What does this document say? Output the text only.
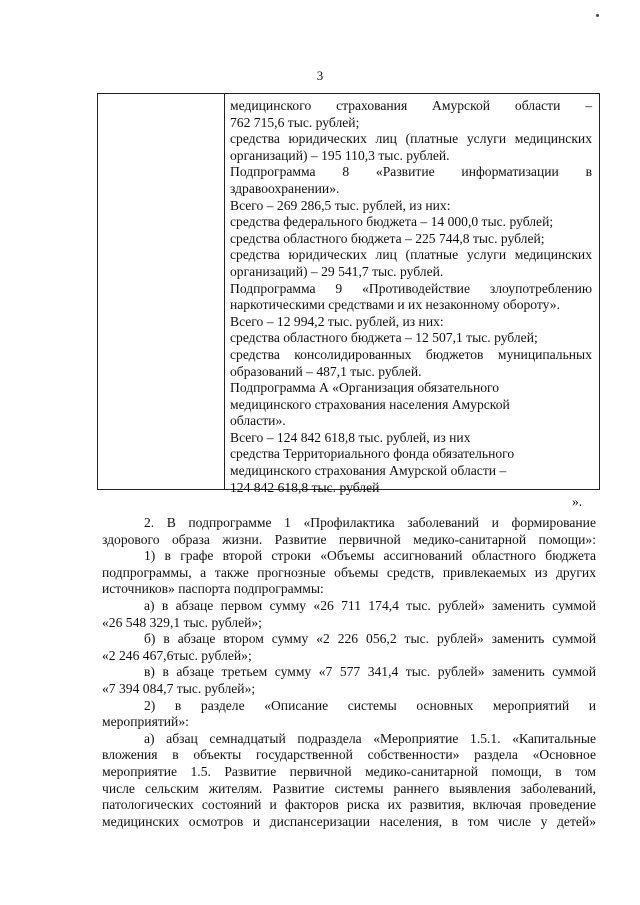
3
медицинского страхования Амурской области –
762 715,6 тыс. рублей;
средства юридических лиц (платные услуги медицинских
организаций) – 195 110,3 тыс. рублей.
Подпрограмма 8 «Развитие информатизации в
здравоохранении».
Всего – 269 286,5 тыс. рублей, из них:
средства федерального бюджета – 14 000,0 тыс. рублей;
средства областного бюджета – 225 744,8 тыс. рублей;
средства юридических лиц (платные услуги медицинских
организаций) – 29 541,7 тыс. рублей.
Подпрограмма 9 «Противодействие злоупотреблению
наркотическими средствами и их незаконному обороту».
Всего – 12 994,2 тыс. рублей, из них:
средства областного бюджета – 12 507,1 тыс. рублей;
средства консолидированных бюджетов муниципальных
образований – 487,1 тыс. рублей.
Подпрограмма А «Организация обязательного
медицинского страхования населения Амурской
области».
Всего – 124 842 618,8 тыс. рублей, из них
средства Территориального фонда обязательного
медицинского страхования Амурской области –
124 842 618,8 тыс. рублей
».
2. В подпрограмме 1 «Профилактика заболеваний и формирование
здорового образа жизни. Развитие первичной медико-санитарной помощи»:
1) в графе второй строки «Объемы ассигнований областного бюджета
подпрограммы, а также прогнозные объемы средств, привлекаемых из других
источников» паспорта подпрограммы:
а) в абзаце первом сумму «26 711 174,4 тыс. рублей» заменить суммой
«26 548 329,1 тыс. рублей»;
б) в абзаце втором сумму «2 226 056,2 тыс. рублей» заменить суммой
«2 246 467,6тыс. рублей»;
в) в абзаце третьем сумму «7 577 341,4 тыс. рублей» заменить суммой
«7 394 084,7 тыс. рублей»;
2) в разделе «Описание системы основных мероприятий и
мероприятий»:
а) абзац семнадцатый подраздела «Мероприятие 1.5.1. «Капитальные
вложения в объекты государственной собственности» раздела «Основное
мероприятие 1.5. Развитие первичной медико-санитарной помощи, в том
числе сельским жителям. Развитие системы раннего выявления заболеваний,
патологических состояний и факторов риска их развития, включая проведение
медицинских осмотров и диспансеризации населения, в том числе у детей»
